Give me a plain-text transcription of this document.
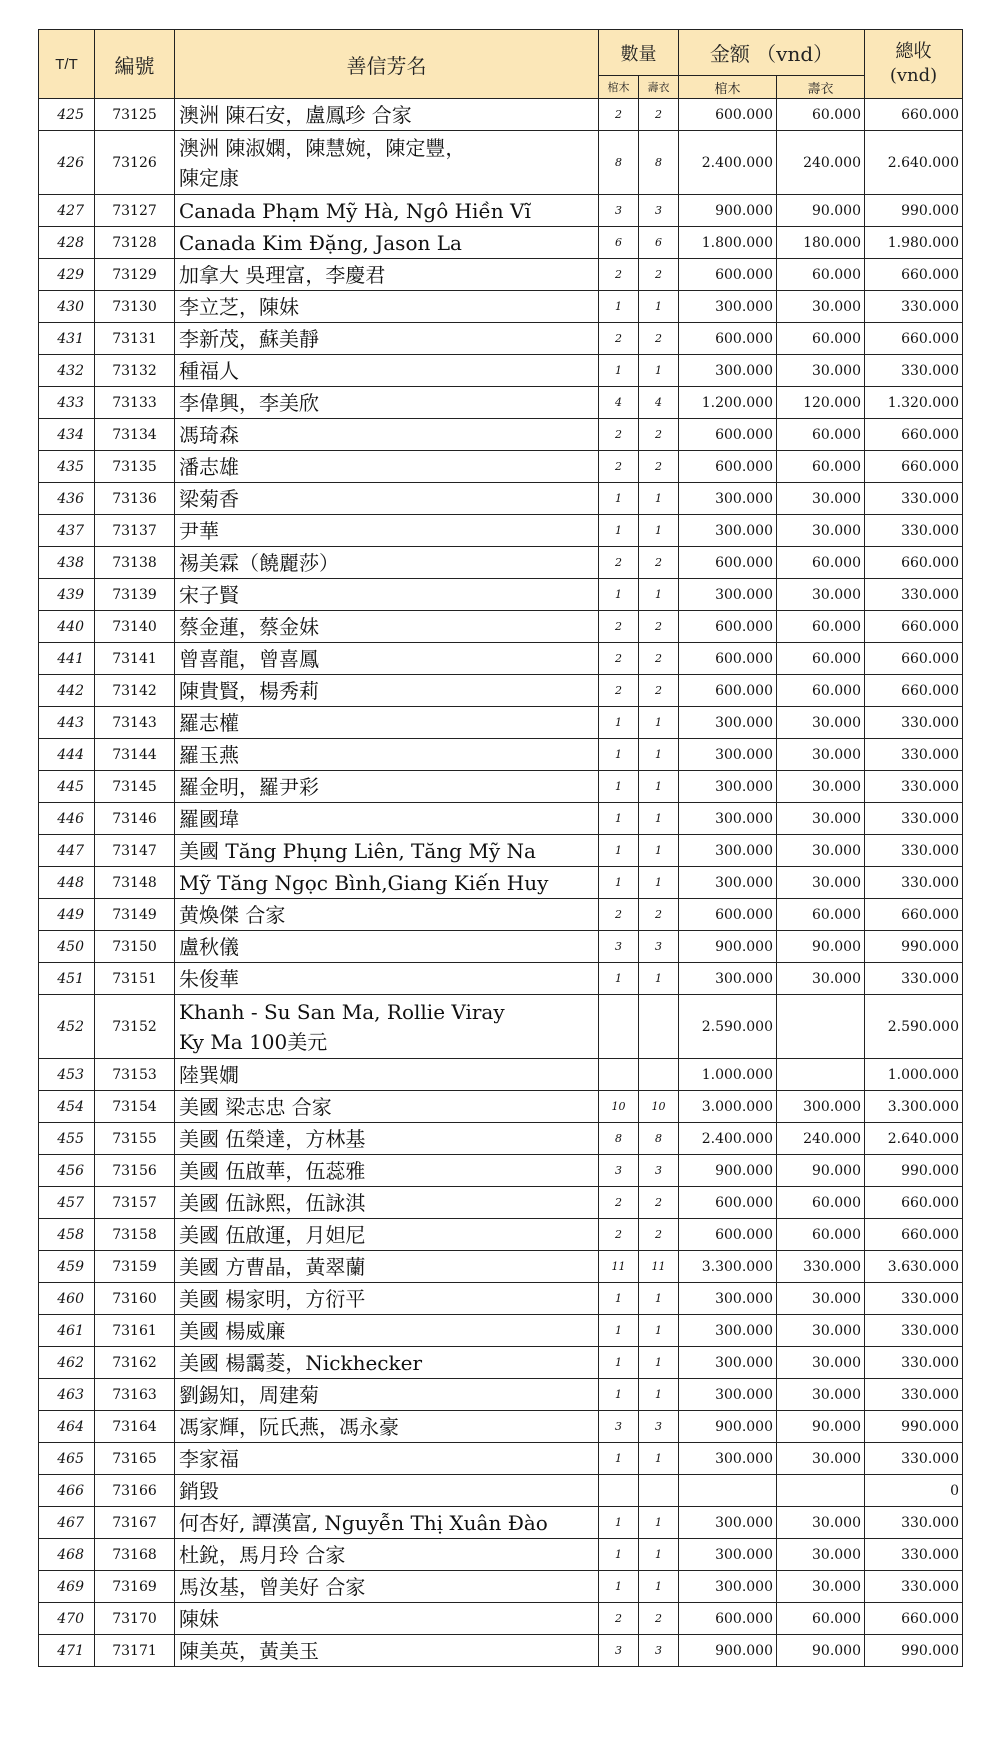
T/T	編號	善信芳名	數量		金额 （vnd）		總收
(vnd)
			棺木	壽衣	棺木	壽衣	
425	73125	澳洲 陳石安，盧鳳珍 合家	2	2	600.000	60.000	660.000
426	73126	澳洲 陳淑嫻，陳慧婉，陳定豐，
陳定康	8	8	2.400.000	240.000	2.640.000
427	73127	Canada Phạm Mỹ Hà, Ngô Hiền Vĩ	3	3	900.000	90.000	990.000
428	73128	Canada Kim Đặng, Jason La	6	6	1.800.000	180.000	1.980.000
429	73129	加拿大 吳理富，李慶君	2	2	600.000	60.000	660.000
430	73130	李立芝，陳妹	1	1	300.000	30.000	330.000
431	73131	李新茂，蘇美靜	2	2	600.000	60.000	660.000
432	73132	種福人	1	1	300.000	30.000	330.000
433	73133	李偉興，李美欣	4	4	1.200.000	120.000	1.320.000
434	73134	馮琦森	2	2	600.000	60.000	660.000
435	73135	潘志雄	2	2	600.000	60.000	660.000
436	73136	梁菊香	1	1	300.000	30.000	330.000
437	73137	尹華	1	1	300.000	30.000	330.000
438	73138	裼美霖（饒麗莎）	2	2	600.000	60.000	660.000
439	73139	宋子賢	1	1	300.000	30.000	330.000
440	73140	蔡金蓮，蔡金妹	2	2	600.000	60.000	660.000
441	73141	曾喜龍，曾喜鳳	2	2	600.000	60.000	660.000
442	73142	陳貴賢，楊秀莉	2	2	600.000	60.000	660.000
443	73143	羅志權	1	1	300.000	30.000	330.000
444	73144	羅玉燕	1	1	300.000	30.000	330.000
445	73145	羅金明，羅尹彩	1	1	300.000	30.000	330.000
446	73146	羅國瑋	1	1	300.000	30.000	330.000
447	73147	美國 Tăng Phụng Liên, Tăng Mỹ Na	1	1	300.000	30.000	330.000
448	73148	Mỹ Tăng Ngọc Bình,Giang Kiến Huy	1	1	300.000	30.000	330.000
449	73149	黄煥傑 合家	2	2	600.000	60.000	660.000
450	73150	盧秋儀	3	3	900.000	90.000	990.000
451	73151	朱俊華	1	1	300.000	30.000	330.000
452	73152	Khanh - Su San Ma, Rollie Viray
Ky Ma 100美元			2.590.000		2.590.000
453	73153	陸巽嫺			1.000.000		1.000.000
454	73154	美國 梁志忠 合家	10	10	3.000.000	300.000	3.300.000
455	73155	美國 伍榮達，方林基	8	8	2.400.000	240.000	2.640.000
456	73156	美國 伍啟華，伍蕊雅	3	3	900.000	90.000	990.000
457	73157	美國 伍詠熙，伍詠淇	2	2	600.000	60.000	660.000
458	73158	美國 伍啟運，月妲尼	2	2	600.000	60.000	660.000
459	73159	美國 方曹晶，黃翠蘭	11	11	3.300.000	330.000	3.630.000
460	73160	美國 楊家明，方衍平	1	1	300.000	30.000	330.000
461	73161	美國 楊威廉	1	1	300.000	30.000	330.000
462	73162	美國 楊靄菱，Nickhecker	1	1	300.000	30.000	330.000
463	73163	劉錫知，周建菊	1	1	300.000	30.000	330.000
464	73164	馮家輝，阮氏燕，馮永豪	3	3	900.000	90.000	990.000
465	73165	李家福	1	1	300.000	30.000	330.000
466	73166	銷毀					0
467	73167	何杏好, 譚漢富, Nguyễn Thị Xuân Đào	1	1	300.000	30.000	330.000
468	73168	杜銳，馬月玲 合家	1	1	300.000	30.000	330.000
469	73169	馬汝基，曾美好 合家	1	1	300.000	30.000	330.000
470	73170	陳妹	2	2	600.000	60.000	660.000
471	73171	陳美英，黃美玉	3	3	900.000	90.000	990.000
